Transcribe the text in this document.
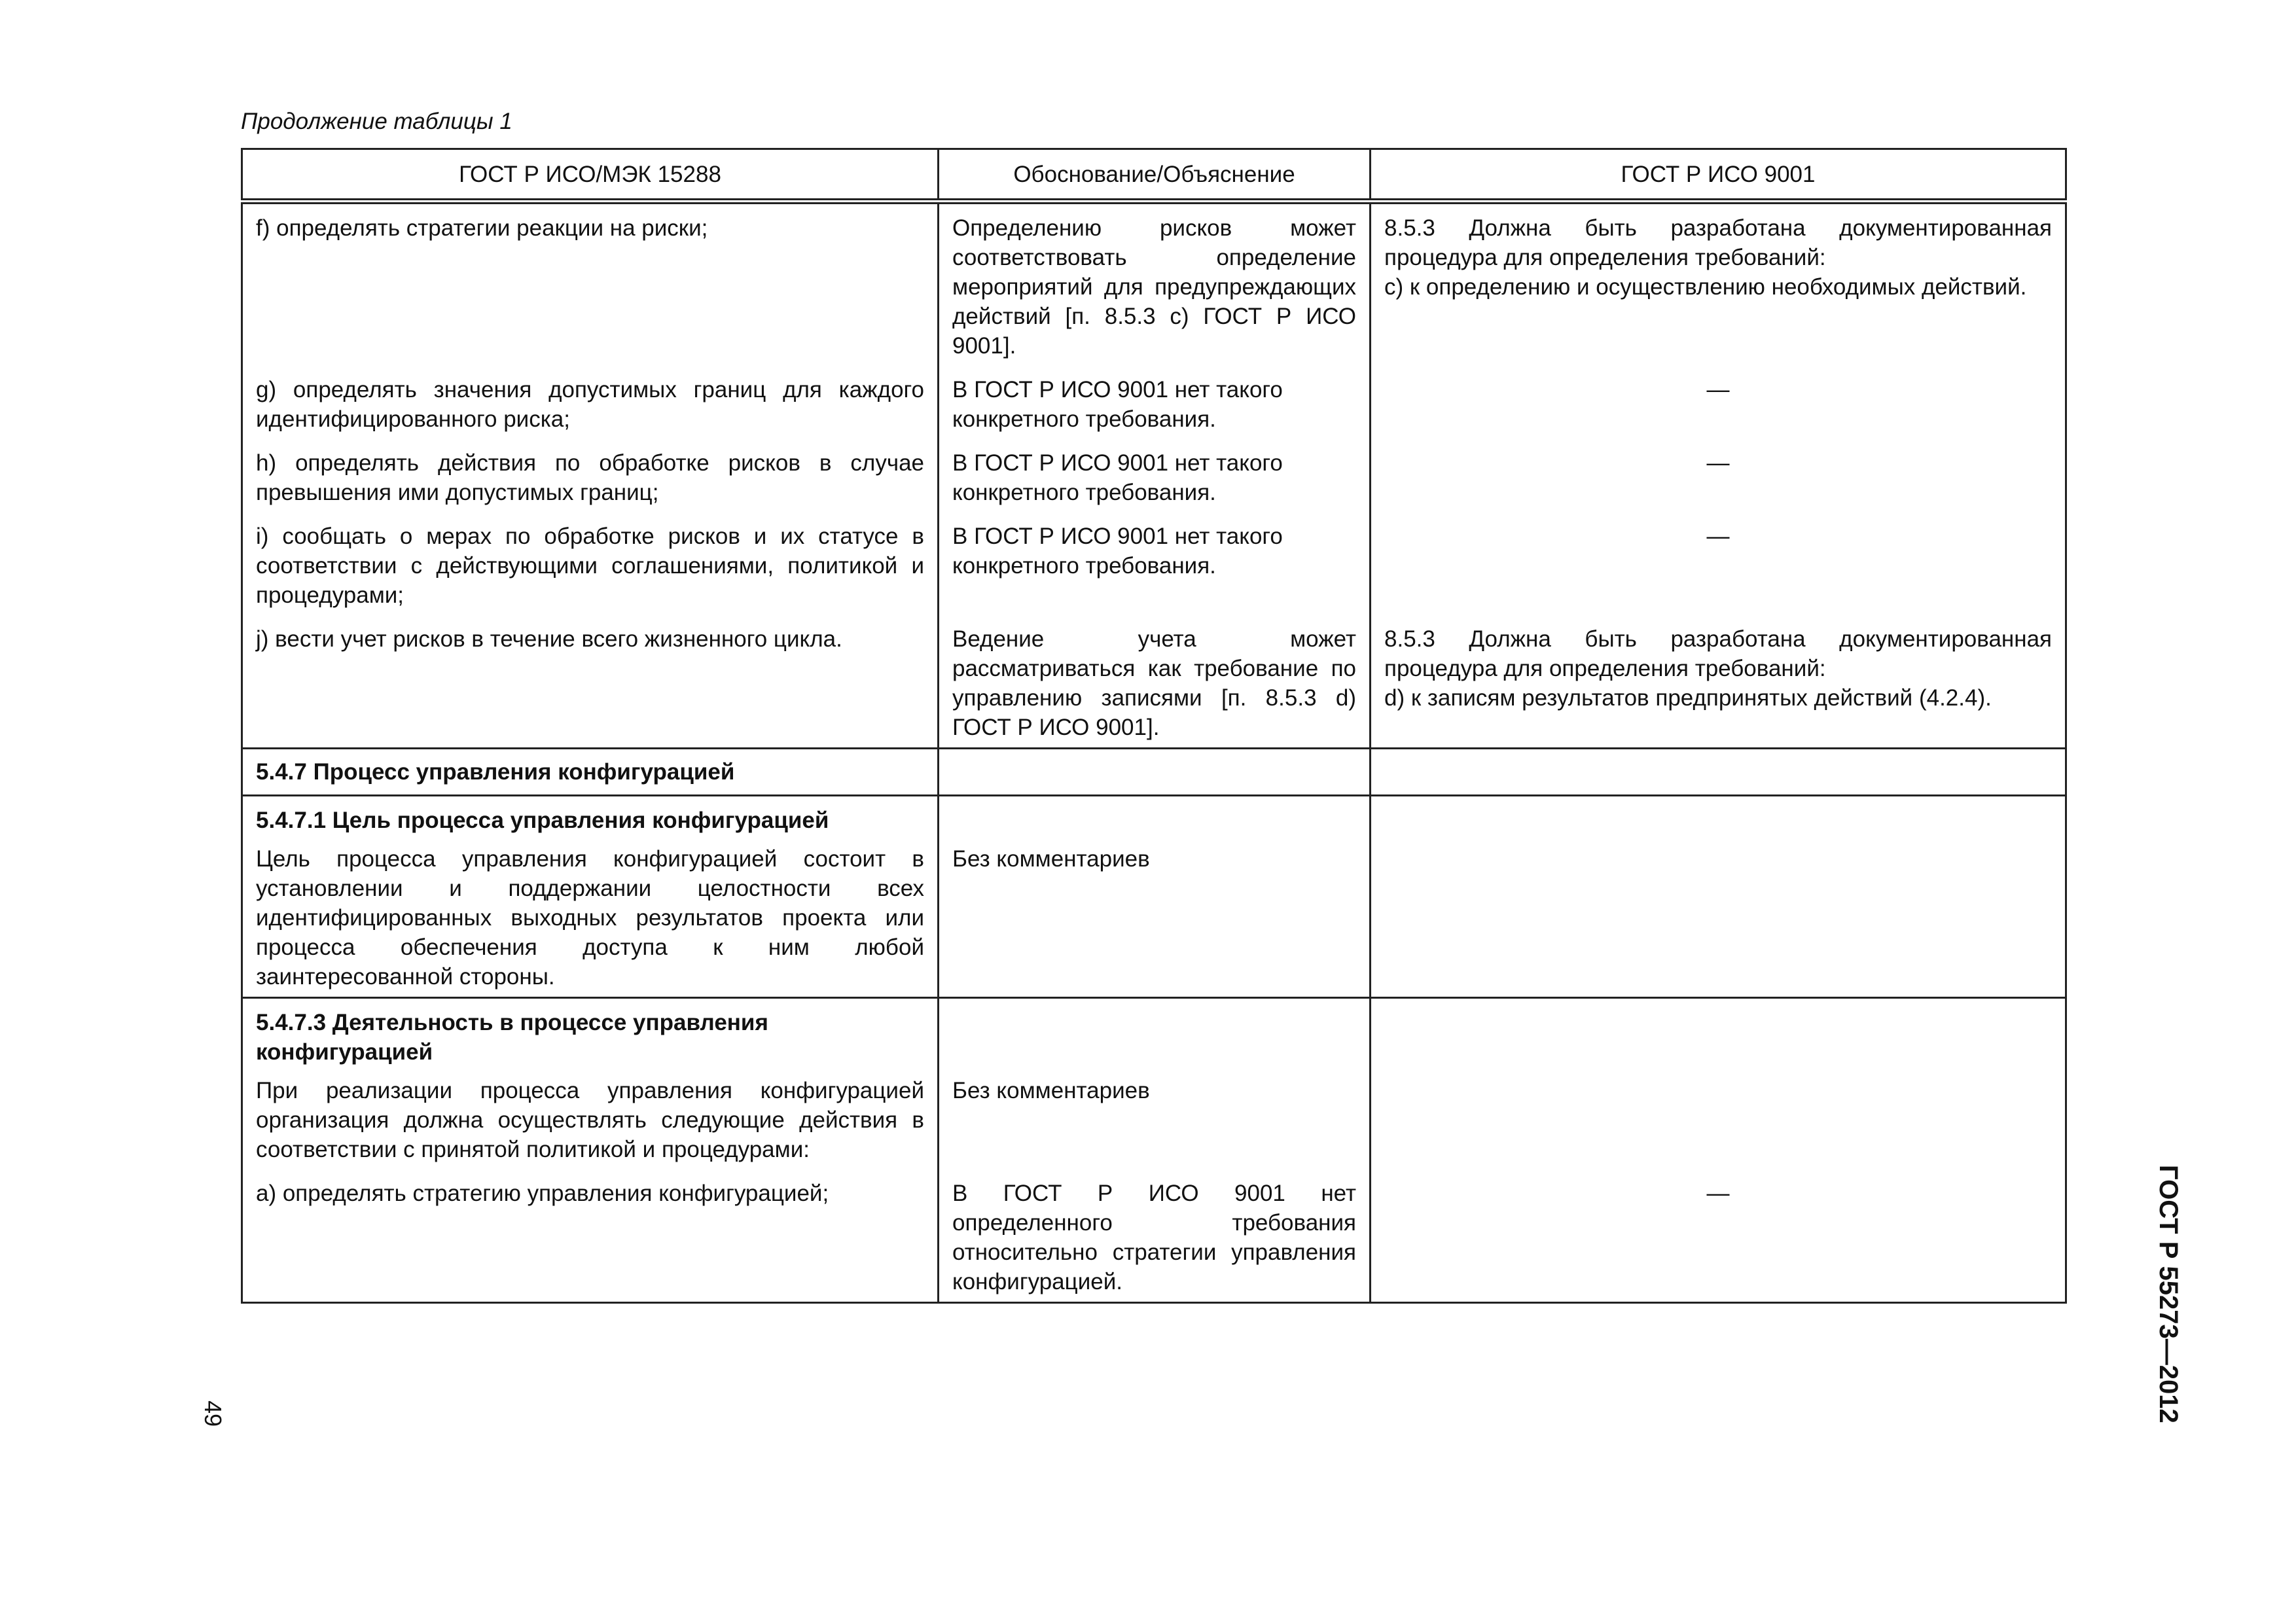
Продолжение таблицы 1
ГОСТ Р ИСО/МЭК 15288	Обоснование/Объяснение	ГОСТ Р ИСО 9001
f) определять стратегии реакции на риски;	Определению рисков может соответствовать определение мероприятий для предупреждающих действий [п. 8.5.3 с) ГОСТ Р ИСО 9001].	8.5.3 Должна быть разработана документированная процедура для определения требований:
с) к определению и осуществлению необходимых действий.
g) определять значения допустимых границ для каждого идентифицированного риска;	В ГОСТ Р ИСО 9001 нет такого конкретного требования.	—
h) определять действия по обработке рисков в случае превышения ими допустимых границ;	В ГОСТ Р ИСО 9001 нет такого конкретного требования.	—
i) сообщать о мерах по обработке рисков и их статусе в соответствии с действующими соглашениями, политикой и процедурами;	В ГОСТ Р ИСО 9001 нет такого конкретного требования.	—
j) вести учет рисков в течение всего жизненного цикла.	Ведение учета может рассматриваться как требование по управлению записями [п. 8.5.3 d) ГОСТ Р ИСО 9001].	8.5.3 Должна быть разработана документированная процедура для определения требований:
d) к записям результатов предпринятых действий (4.2.4).
5.4.7 Процесс управления конфигурацией		
5.4.7.1 Цель процесса управления конфигурацией		
Цель процесса управления конфигурацией состоит в установлении и поддержании целостности всех идентифицированных выходных результатов проекта или процесса обеспечения доступа к ним любой заинтересованной стороны.	Без комментариев	
5.4.7.3 Деятельность в процессе управления конфигурацией		
При реализации процесса управления конфигурацией организация должна осуществлять следующие действия в соответствии с принятой политикой и процедурами:	Без комментариев	
а) определять стратегию управления конфигурацией;	В ГОСТ Р ИСО 9001 нет определенного требования относительно стратегии управления конфигурацией.	—	ГОСТ Р 55273—2012
49
